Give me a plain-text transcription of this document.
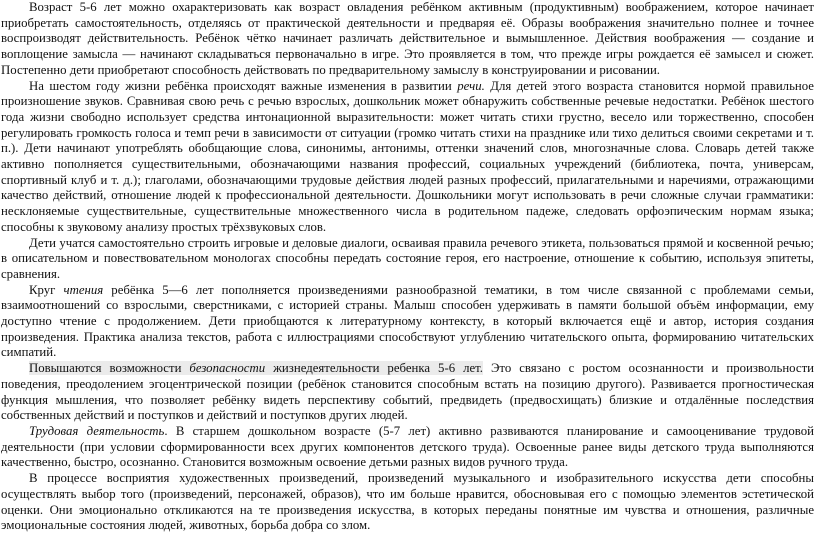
Возраст 5-6 лет можно охарактеризовать как возраст овладения ребёнком активным (продуктивным) воображением, которое начинает приобретать самостоятельность, отделяясь от практической деятельности и предваряя её. Образы воображения значительно полнее и точнее воспроизводят действительность. Ребёнок чётко начинает различать действительное и вымышленное. Действия воображения — создание и воплощение замысла — начинают складываться первоначально в игре. Это проявляется в том, что прежде игры рождается её замысел и сюжет. Постепенно дети приобретают способность действовать по предварительному замыслу в конструировании и рисовании.

На шестом году жизни ребёнка происходят важные изменения в развитии речи. Для детей этого возраста становится нормой правильное произношение звуков. Сравнивая свою речь с речью взрослых, дошкольник может обнаружить собственные речевые недостатки. Ребёнок шестого года жизни свободно использует средства интонационной выразительности: может читать стихи грустно, весело или торжественно, способен регулировать громкость голоса и темп речи в зависимости от ситуации (громко читать стихи на празднике или тихо делиться своими секретами и т. п.). Дети начинают употреблять обобщающие слова, синонимы, антонимы, оттенки значений слов, многозначные слова. Словарь детей также активно пополняется существительными, обозначающими названия профессий, социальных учреждений (библиотека, почта, универсам, спортивный клуб и т. д.); глаголами, обозначающими трудовые действия людей разных профессий, прилагательными и наречиями, отражающими качество действий, отношение людей к профессиональной деятельности. Дошкольники могут использовать в речи сложные случаи грамматики: несклоняемые существительные, существительные множественного числа в родительном падеже, следовать орфоэпическим нормам языка; способны к звуковому анализу простых трёхзвуковых слов.

Дети учатся самостоятельно строить игровые и деловые диалоги, осваивая правила речевого этикета, пользоваться прямой и косвенной речью; в описательном и повествовательном монологах способны передать состояние героя, его настроение, отношение к событию, используя эпитеты, сравнения.

Круг чтения ребёнка 5—6 лет пополняется произведениями разнообразной тематики, в том числе связанной с проблемами семьи, взаимоотношений со взрослыми, сверстниками, с историей страны. Малыш способен удерживать в памяти большой объём информации, ему доступно чтение с продолжением. Дети приобщаются к литературному контексту, в который включается ещё и автор, история создания произведения. Практика анализа текстов, работа с иллюстрациями способствуют углублению читательского опыта, формированию читательских симпатий.

Повышаются возможности безопасности жизнедеятельности ребенка 5-6 лет. Это связано с ростом осознанности и произвольности поведения, преодолением эгоцентрической позиции (ребёнок становится способным встать на позицию другого). Развивается прогностическая функция мышления, что позволяет ребёнку видеть перспективу событий, предвидеть (предвосхищать) близкие и отдалённые последствия собственных действий и поступков и действий и поступков других людей.

Трудовая деятельность. В старшем дошкольном возрасте (5-7 лет) активно развиваются планирование и самооценивание трудовой деятельности (при условии сформированности всех других компонентов детского труда). Освоенные ранее виды детского труда выполняются качественно, быстро, осознанно. Становится возможным освоение детьми разных видов ручного труда.

В процессе восприятия художественных произведений, произведений музыкального и изобразительного искусства дети способны осуществлять выбор того (произведений, персонажей, образов), что им больше нравится, обосновывая его с помощью элементов эстетической оценки. Они эмоционально откликаются на те произведения искусства, в которых переданы понятные им чувства и отношения, различные эмоциональные состояния людей, животных, борьба добра со злом.
